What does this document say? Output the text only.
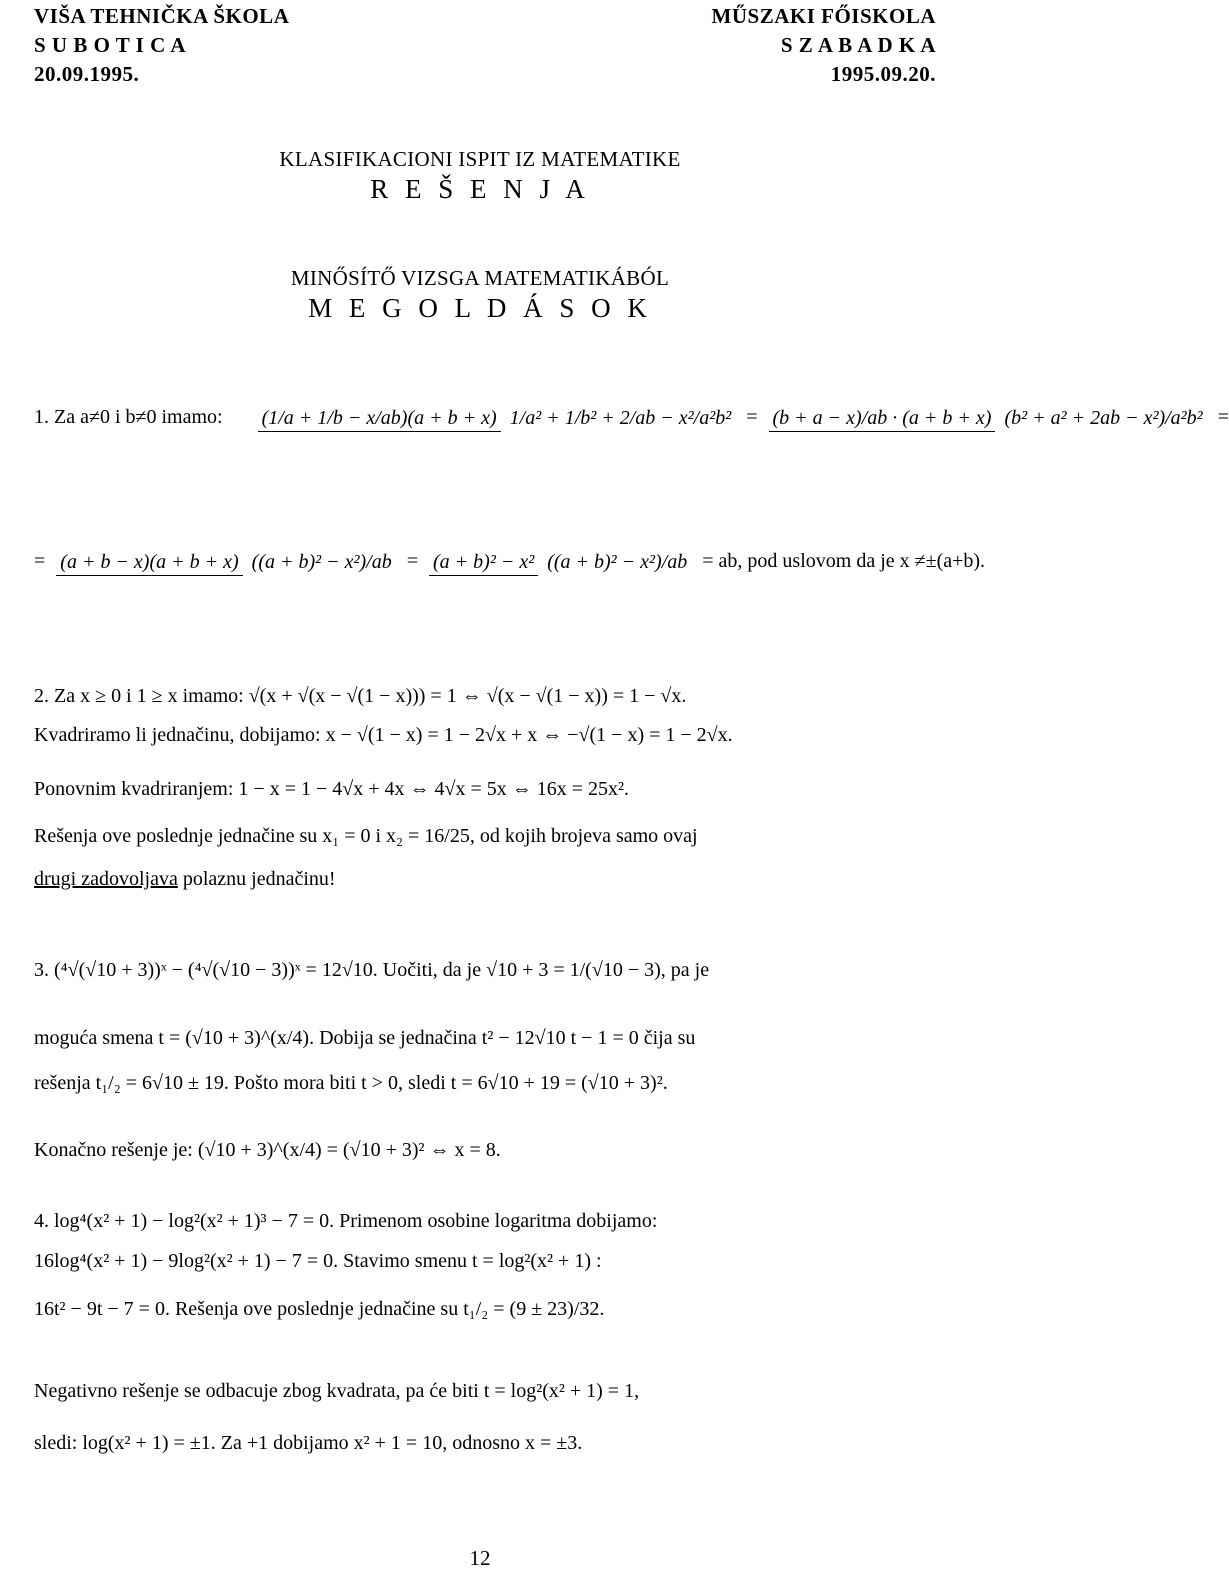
VIŠA TEHNIČKA ŠKOLA
S U B O T I C A
20.09.1995.
MŰSZAKI FŐISKOLA
S Z A B A D K A
1995.09.20.
KLASIFIKACIONI ISPIT IZ MATEMATIKE
R E Š E N J A
MINŐSÍTŐ VIZSGA MATEMATIKÁBÓL
M E G O L D Á S O K
1. Za a≠0 i b≠0 imamo: (1/a + 1/b − x/ab)(a + b + x) 1/a² + 1/b² + 2/ab − x²/a²b² = (b + a − x)/ab · (a + b + x) (b² + a² + 2ab − x²)/a²b² =
= (a + b − x)(a + b + x) ((a + b)² − x²)/ab = (a + b)² − x² ((a + b)² − x²)/ab = ab, pod uslovom da je x ≠±(a+b).
2. Za x ≥ 0 i 1 ≥ x imamo: √(x + √(x − √(1 − x))) = 1 ⇔ √(x − √(1 − x)) = 1 − √x.
Kvadriramo li jednačinu, dobijamo: x − √(1 − x) = 1 − 2√x + x ⇔ −√(1 − x) = 1 − 2√x.
Ponovnim kvadriranjem: 1 − x = 1 − 4√x + 4x ⇔ 4√x = 5x ⇔ 16x = 25x².
Rešenja ove poslednje jednačine su x₁ = 0 i x₂ = 16/25, od kojih brojeva samo ovaj
drugi zadovoljava polaznu jednačinu!
3. (⁴√(√10 + 3))ˣ − (⁴√(√10 − 3))ˣ = 12√10. Uočiti, da je √10 + 3 = 1/(√10 − 3), pa je
moguća smena t = (√10 + 3)^(x/4). Dobija se jednačina t² − 12√10 t − 1 = 0 čija su
rešenja t₁/₂ = 6√10 ± 19. Pošto mora biti t > 0, sledi t = 6√10 + 19 = (√10 + 3)².
Konačno rešenje je: (√10 + 3)^(x/4) = (√10 + 3)² ⇔ x = 8.
4. log⁴(x² + 1) − log²(x² + 1)³ − 7 = 0. Primenom osobine logaritma dobijamo:
16log⁴(x² + 1) − 9log²(x² + 1) − 7 = 0. Stavimo smenu t = log²(x² + 1) :
16t² − 9t − 7 = 0. Rešenja ove poslednje jednačine su t₁/₂ = (9 ± 23)/32.
Negativno rešenje se odbacuje zbog kvadrata, pa će biti t = log²(x² + 1) = 1,
sledi: log(x² + 1) = ±1. Za +1 dobijamo x² + 1 = 10, odnosno x = ±3.
12
